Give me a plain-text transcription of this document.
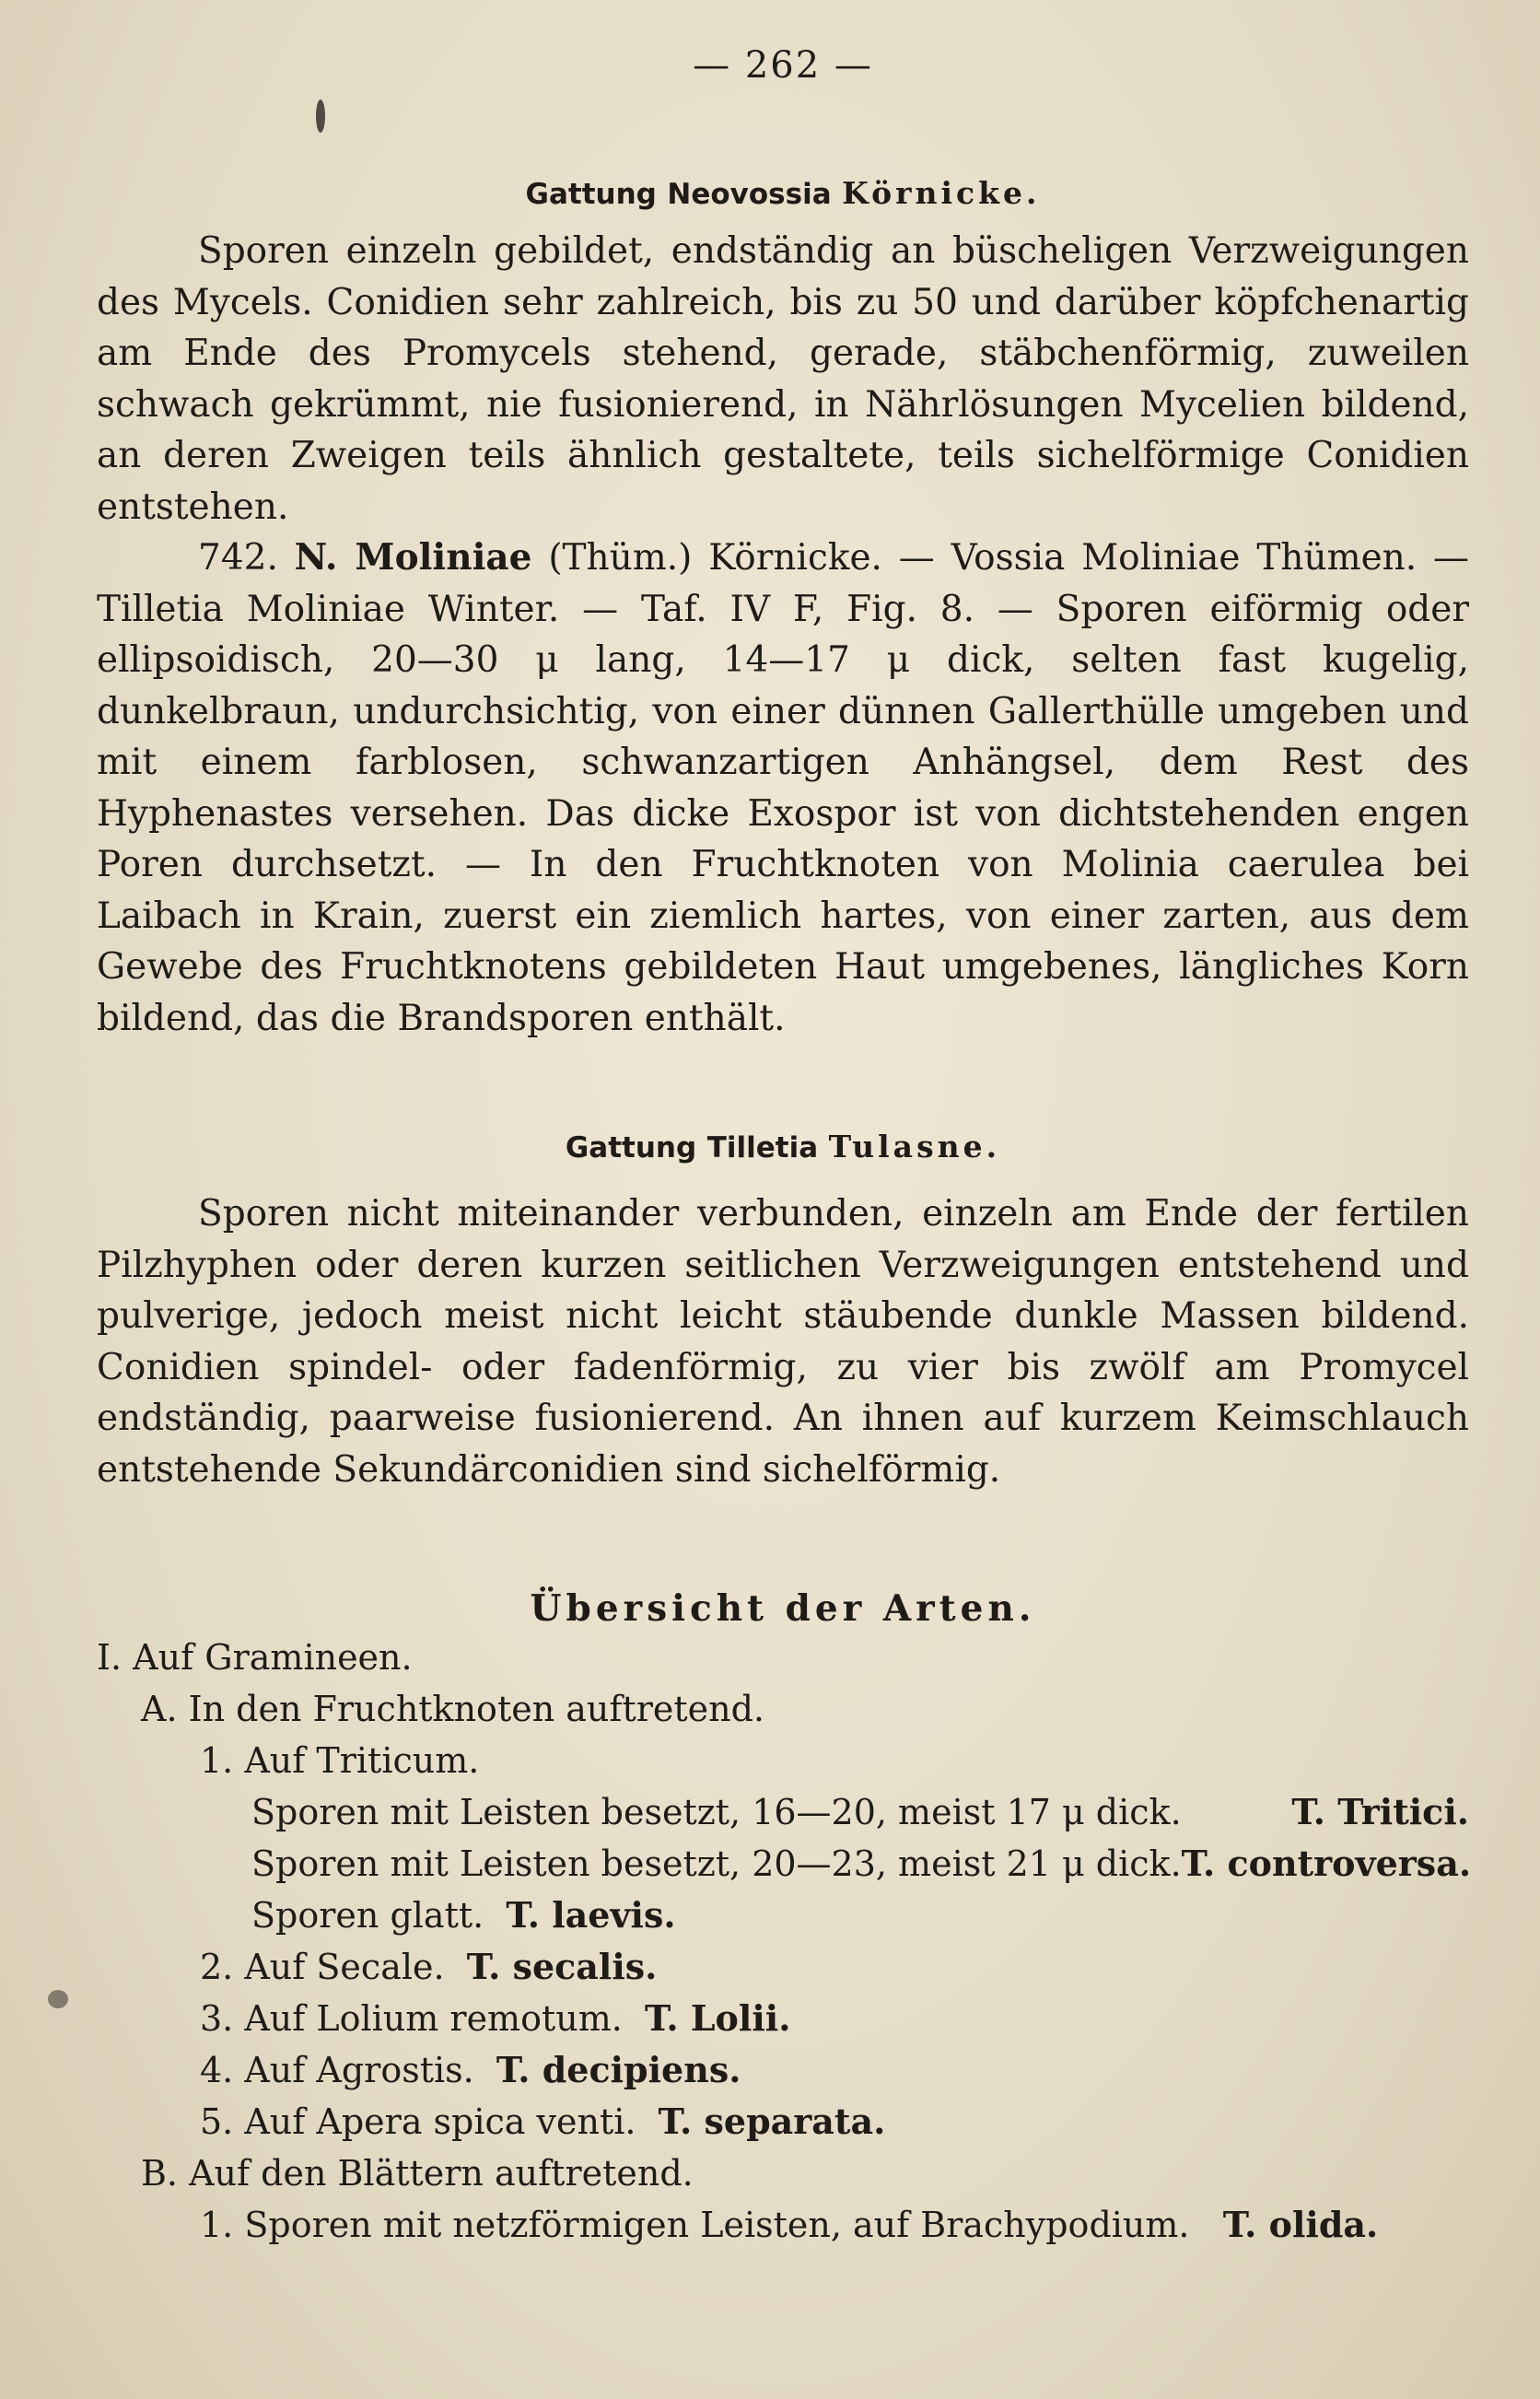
— 262 —
Gattung Neovossia Körnicke.

Sporen einzeln gebildet, endständig an büscheligen Verzweigungen des Mycels. Conidien sehr zahlreich, bis zu 50 und darüber köpfchenartig am Ende des Promycels stehend, gerade, stäbchenförmig, zuweilen schwach gekrümmt, nie fusionierend, in Nährlösungen Mycelien bildend, an deren Zweigen teils ähnlich gestaltete, teils sichelförmige Conidien entstehen.

742. N. Moliniae (Thüm.) Körnicke. — Vossia Moliniae Thümen. — Tilletia Moliniae Winter. — Taf. IV F, Fig. 8. — Sporen eiförmig oder ellipsoidisch, 20—30 μ lang, 14—17 μ dick, selten fast kugelig, dunkelbraun, undurchsichtig, von einer dünnen Gallerthülle umgeben und mit einem farblosen, schwanzartigen Anhängsel, dem Rest des Hyphenastes versehen. Das dicke Exospor ist von dichtstehenden engen Poren durchsetzt. — In den Fruchtknoten von Molinia caerulea bei Laibach in Krain, zuerst ein ziemlich hartes, von einer zarten, aus dem Gewebe des Fruchtknotens gebildeten Haut umgebenes, längliches Korn bildend, das die Brandsporen enthält.

Gattung Tilletia Tulasne.

Sporen nicht miteinander verbunden, einzeln am Ende der fertilen Pilzhyphen oder deren kurzen seitlichen Verzweigungen entstehend und pulverige, jedoch meist nicht leicht stäubende dunkle Massen bildend. Conidien spindel- oder fadenförmig, zu vier bis zwölf am Promycel endständig, paarweise fusionierend. An ihnen auf kurzem Keimschlauch entstehende Sekundärconidien sind sichelförmig.

Übersicht der Arten.
I. Auf Gramineen.
A. In den Fruchtknoten auftretend.
1. Auf Triticum.
Sporen mit Leisten besetzt, 16—20, meist 17 μ dick.	T. Tritici.
Sporen mit Leisten besetzt, 20—23, meist 21 μ dick. T. controversa.
Sporen glatt. T. laevis.
2. Auf Secale. T. secalis.
3. Auf Lolium remotum. T. Lolii.
4. Auf Agrostis. T. decipiens.
5. Auf Apera spica venti. T. separata.
B. Auf den Blättern auftretend.
1. Sporen mit netzförmigen Leisten, auf Brachypodium. T. olida.
